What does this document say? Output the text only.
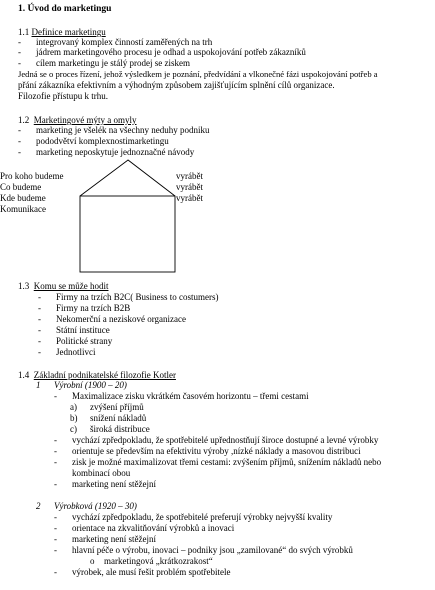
1. Úvod do marketingu
1.1 Definice marketingu
- integrovaný komplex činností zaměřených na trh
- jádrem marketingového procesu je odhad a uspokojování potřeb zákazníků
- cílem marketingu je stálý prodej se ziskem
Jedná se o proces řízení, jehož výsledkem je poznání, předvídání a vlkonečné fázi uspokojování potřeb a
přání zákazníka efektivním a výhodným způsobem zajišťujícím splnění cílů organizace.
Filozofie přístupu k trhu.
1.2 Marketingové mýty a omyly
- marketing je všelék na všechny neduhy podniku
- pododvětví komplexnostimarketingu
- marketing neposkytuje jednoznačné návody
Pro koho budeme
Co budeme
Kde budeme
Komunikace
vyrábět
vyrábět
vyrábět
1.3 Komu se může hodit
- Firmy na trzích B2C( Business to costumers)
- Firmy na trzích B2B
- Nekomerční a neziskové organizace
- Státní instituce
- Politické strany
- Jednotlivci
1.4 Základní podnikatelské filozofie Kotler
1 Výrobní (1900 – 20)
- Maximalizace zisku vkrátkém časovém horizontu – třemi cestami
a) zvýšení příjmů
b) snížení nákladů
c) široká distribuce
- vychází zpředpokladu, že spotřebitelé upřednostňují široce dostupné a levné výrobky
- orientuje se především na efektivitu výroby ,nízké náklady a masovou distribuci
- zisk je možné maximalizovat třemi cestami: zvýšením příjmů, snížením nákladů nebo
kombinací obou
- marketing není stěžejní
2 Výrobková (1920 – 30)
- vychází zpředpokladu, že spotřebitelé preferují výrobky nejvyšší kvality
- orientace na zkvalitňování výrobků a inovaci
- marketing není stěžejní
- hlavní péče o výrobu, inovaci – podniky jsou „zamilované“ do svých výrobků
o marketingová „krátkozrakost“
- výrobek, ale musí řešit problém spotřebitele
